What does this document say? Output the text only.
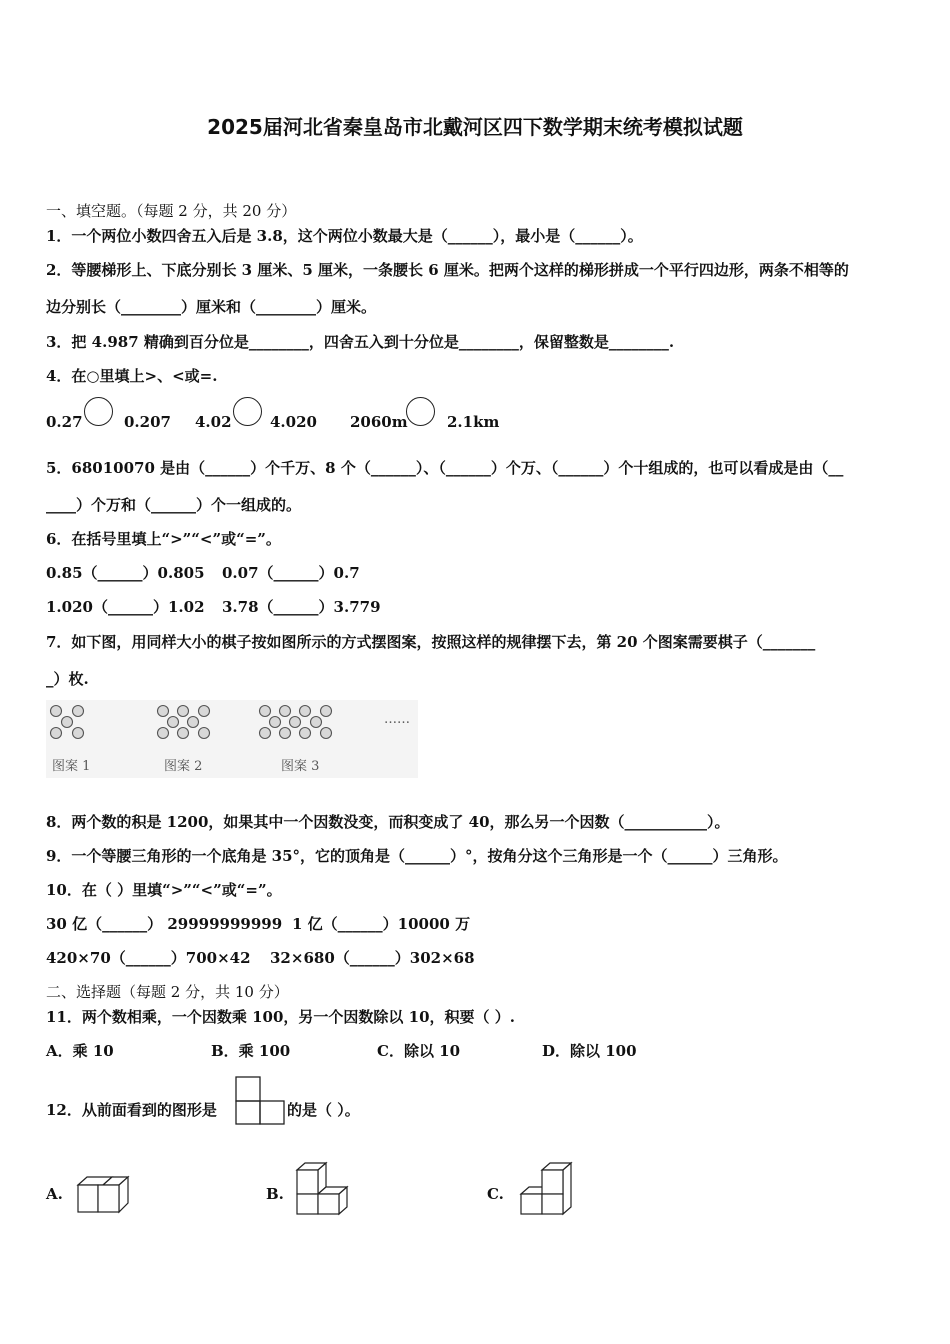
2025届河北省秦皇岛市北戴河区四下数学期末统考模拟试题
一、填空题。（每题 2 分，共 20 分）
1．一个两位小数四舍五入后是 3.8，这个两位小数最大是（______），最小是（______）。
2．等腰梯形上、下底分别长 3 厘米、5 厘米，一条腰长 6 厘米。把两个这样的梯形拼成一个平行四边形，两条不相等的
边分别长（________）厘米和（________）厘米。
3．把 4.987 精确到百分位是________，四舍五入到十分位是________，保留整数是________.
4．在○里填上>、<或=.
0.27	0.207 4.02	4.020 2060m	2.1km
5．68010070 是由（______）个千万、8 个（______）、（______）个万、（______）个十组成的，也可以看成是由（__
____）个万和（______）个一组成的。
6．在括号里填上“>”“<”或“=”。
0.85（______）0.805 0.07（______）0.7
1.020（______）1.02 3.78（______）3.779
7．如下图，用同样大小的棋子按如图所示的方式摆图案，按照这样的规律摆下去，第 20 个图案需要棋子（_______
_）枚.
图案 1	图案 2	图案 3
……
8．两个数的积是 1200，如果其中一个因数没变，而积变成了 40，那么另一个因数（___________）。
9．一个等腰三角形的一个底角是 35°，它的顶角是（______）°，按角分这个三角形是一个（______）三角形。
10．在（ ）里填“>”“<”或“=”。
30 亿（______） 29999999999 1 亿（______）10000 万
420×70（______）700×42 32×680（______）302×68
二、选择题（每题 2 分，共 10 分）
11．两个数相乘，一个因数乘 100，另一个因数除以 10，积要（ ）.
A．乘 10	B．乘 100	C．除以 10	D．除以 100
12．从前面看到的图形是	的是（ ）。
A.	B.	C.
